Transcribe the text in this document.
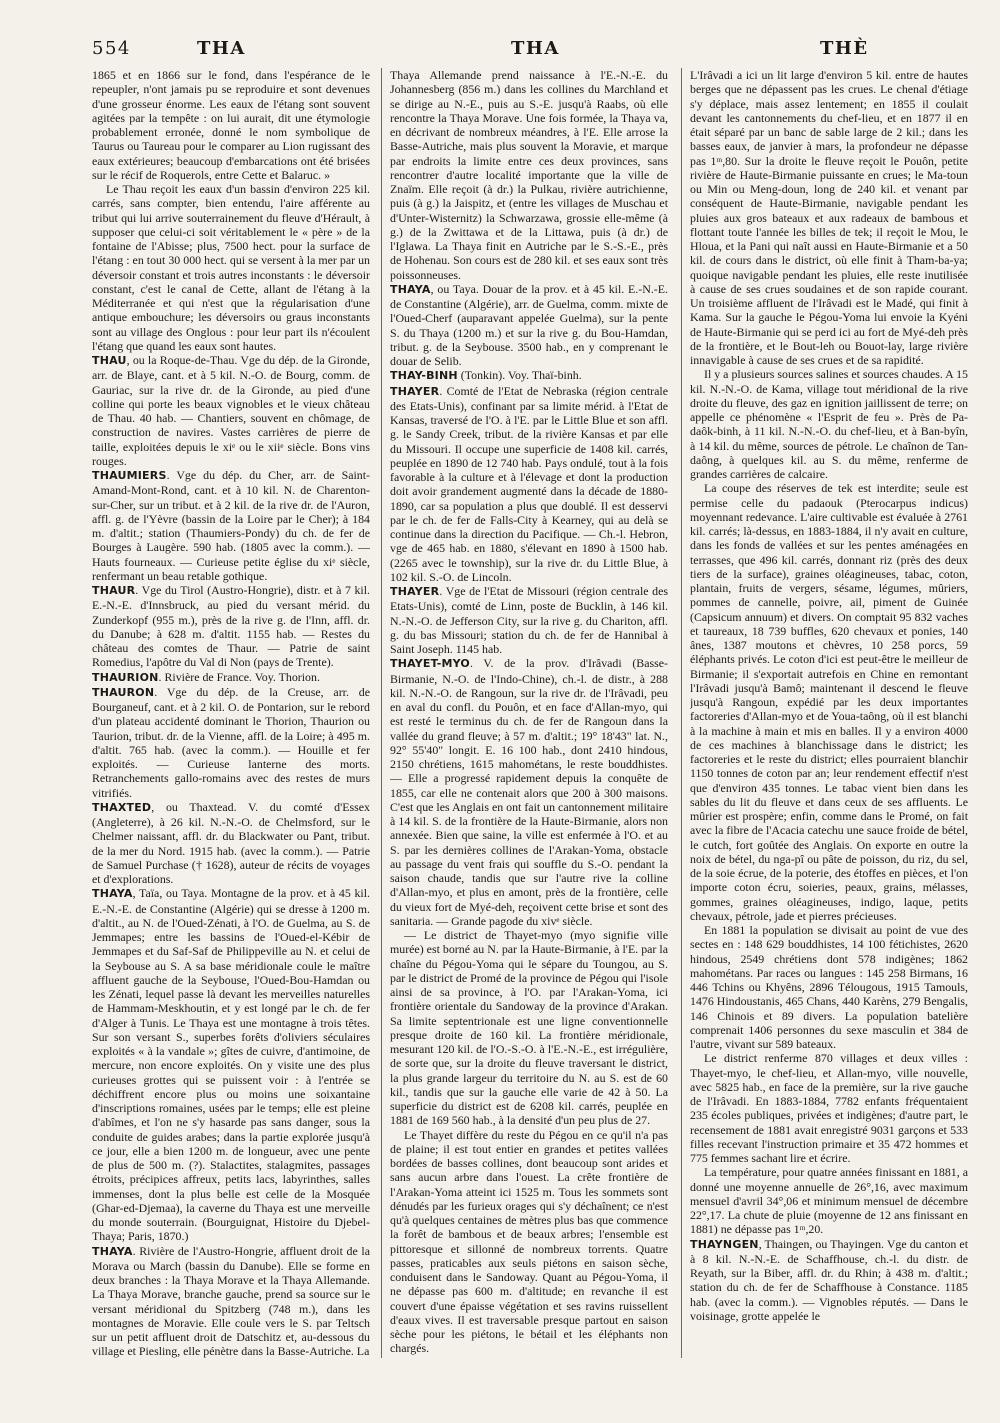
554	THA	THA	THÈ

1865 et en 1866 sur le fond, dans l'espérance de le repeupler, n'ont jamais pu se reproduire et sont devenues d'une grosseur énorme. Les eaux de l'étang sont souvent agitées par la tempête : on lui aurait, dit une étymologie probablement erronée, donné le nom symbolique de Taurus ou Taureau pour le comparer au Lion rugissant des eaux extérieures; beaucoup d'embarcations ont été brisées sur le récif de Roquerols, entre Cette et Balaruc. »

Le Thau reçoit les eaux d'un bassin d'environ 225 kil. carrés, sans compter, bien entendu, l'aire afférente au tribut qui lui arrive souterrainement du fleuve d'Hérault, à supposer que celui-ci soit véritablement le « père » de la fontaine de l'Abisse; plus, 7500 hect. pour la surface de l'étang : en tout 30 000 hect. qui se versent à la mer par un déversoir constant et trois autres inconstants : le déversoir constant, c'est le canal de Cette, allant de l'étang à la Méditerranée et qui n'est que la régularisation d'une antique embouchure; les déversoirs ou graus inconstants sont au village des Onglous : pour leur part ils n'écoulent l'étang que quand les eaux sont hautes.

THAU, ou la Roque-de-Thau. Vge du dép. de la Gironde, arr. de Blaye, cant. et à 5 kil. N.-O. de Bourg, comm. de Gauriac, sur la rive dr. de la Gironde, au pied d'une colline qui porte les beaux vignobles et le vieux château de Thau. 40 hab. — Chantiers, souvent en chômage, de construction de navires. Vastes carrières de pierre de taille, exploitées depuis le xiᵉ ou le xiiᵉ siècle. Bons vins rouges.

THAUMIERS. Vge du dép. du Cher, arr. de Saint-Amand-Mont-Rond, cant. et à 10 kil. N. de Charenton-sur-Cher, sur un tribut. et à 2 kil. de la rive dr. de l'Auron, affl. g. de l'Yèvre (bassin de la Loire par le Cher); à 184 m. d'altit.; station (Thaumiers-Pondy) du ch. de fer de Bourges à Laugère. 590 hab. (1805 avec la comm.). — Hauts fourneaux. — Curieuse petite église du xiᵉ siècle, renfermant un beau retable gothique.

THAUR. Vge du Tirol (Austro-Hongrie), distr. et à 7 kil. E.-N.-E. d'Innsbruck, au pied du versant mérid. du Zunderkopf (955 m.), près de la rive g. de l'Inn, affl. dr. du Danube; à 628 m. d'altit. 1155 hab. — Restes du château des comtes de Thaur. — Patrie de saint Romedius, l'apôtre du Val di Non (pays de Trente).

THAURION. Rivière de France. Voy. Thorion.

THAURON. Vge du dép. de la Creuse, arr. de Bourganeuf, cant. et à 2 kil. O. de Pontarion, sur le rebord d'un plateau accidenté dominant le Thorion, Thaurion ou Taurion, tribut. dr. de la Vienne, affl. de la Loire; à 495 m. d'altit. 765 hab. (avec la comm.). — Houille et fer exploités. — Curieuse lanterne des morts. Retranchements gallo-romains avec des restes de murs vitrifiés.

THAXTED, ou Thaxtead. V. du comté d'Essex (Angleterre), à 26 kil. N.-N.-O. de Chelmsford, sur le Chelmer naissant, affl. dr. du Blackwater ou Pant, tribut. de la mer du Nord. 1915 hab. (avec la comm.). — Patrie de Samuel Purchase († 1628), auteur de récits de voyages et d'explorations.

THAYA, Taïa, ou Taya. Montagne de la prov. et à 45 kil. E.-N.-E. de Constantine (Algérie) qui se dresse à 1200 m. d'altit., au N. de l'Oued-Zénati, à l'O. de Guelma, au S. de Jemmapes; entre les bassins de l'Oued-el-Kébir de Jemmapes et du Saf-Saf de Philippeville au N. et celui de la Seybouse au S. A sa base méridionale coule le maître affluent gauche de la Seybouse, l'Oued-Bou-Hamdan ou les Zénati, lequel passe là devant les merveilles naturelles de Hammam-Meskhoutin, et y est longé par le ch. de fer d'Alger à Tunis. Le Thaya est une montagne à trois têtes. Sur son versant S., superbes forêts d'oliviers séculaires exploités « à la vandale »; gîtes de cuivre, d'antimoine, de mercure, non encore exploités. On y visite une des plus curieuses grottes qui se puissent voir : à l'entrée se déchiffrent encore plus ou moins une soixantaine d'inscriptions romaines, usées par le temps; elle est pleine d'abîmes, et l'on ne s'y hasarde pas sans danger, sous la conduite de guides arabes; dans la partie explorée jusqu'à ce jour, elle a bien 1200 m. de longueur, avec une pente de plus de 500 m. (?). Stalactites, stalagmites, passages étroits, précipices affreux, petits lacs, labyrinthes, salles immenses, dont la plus belle est celle de la Mosquée (Ghar-ed-Djemaa), la caverne du Thaya est une merveille du monde souterrain. (Bourguignat, Histoire du Djebel-Thaya; Paris, 1870.)

THAYA. Rivière de l'Austro-Hongrie, affluent droit de la Morava ou March (bassin du Danube). Elle se forme en deux branches : la Thaya Morave et la Thaya Allemande. La Thaya Morave, branche gauche, prend sa source sur le versant méridional du Spitzberg (748 m.), dans les montagnes de Moravie. Elle coule vers le S. par Teltsch sur un petit affluent droit de Datschitz et, au-dessous du village et Piesling, elle pénètre dans la Basse-Autriche. La

Thaya Allemande prend naissance à l'E.-N.-E. du Johannesberg (856 m.) dans les collines du Marchland et se dirige au N.-E., puis au S.-E. jusqu'à Raabs, où elle rencontre la Thaya Morave. Une fois formée, la Thaya va, en décrivant de nombreux méandres, à l'E. Elle arrose la Basse-Autriche, mais plus souvent la Moravie, et marque par endroits la limite entre ces deux provinces, sans rencontrer d'autre localité importante que la ville de Znaïm. Elle reçoit (à dr.) la Pulkau, rivière autrichienne, puis (à g.) la Jaispitz, et (entre les villages de Muschau et d'Unter-Wisternitz) la Schwarzawa, grossie elle-même (à g.) de la Zwittawa et de la Littawa, puis (à dr.) de l'Iglawa. La Thaya finit en Autriche par le S.-S.-E., près de Hohenau. Son cours est de 280 kil. et ses eaux sont très poissonneuses.

THAYA, ou Taya. Douar de la prov. et à 45 kil. E.-N.-E. de Constantine (Algérie), arr. de Guelma, comm. mixte de l'Oued-Cherf (auparavant appelée Guelma), sur la pente S. du Thaya (1200 m.) et sur la rive g. du Bou-Hamdan, tribut. g. de la Seybouse. 3500 hab., en y comprenant le douar de Selib.

THAY-BINH (Tonkin). Voy. Thaï-binh.

THAYER. Comté de l'Etat de Nebraska (région centrale des Etats-Unis), confinant par sa limite mérid. à l'Etat de Kansas, traversé de l'O. à l'E. par le Little Blue et son affl. g. le Sandy Creek, tribut. de la rivière Kansas et par elle du Missouri. Il occupe une superficie de 1408 kil. carrés, peuplée en 1890 de 12 740 hab. Pays ondulé, tout à la fois favorable à la culture et à l'élevage et dont la production doit avoir grandement augmenté dans la décade de 1880-1890, car sa population a plus que doublé. Il est desservi par le ch. de fer de Falls-City à Kearney, qui au delà se continue dans la direction du Pacifique. — Ch.-l. Hebron, vge de 465 hab. en 1880, s'élevant en 1890 à 1500 hab. (2265 avec le township), sur la rive dr. du Little Blue, à 102 kil. S.-O. de Lincoln.

THAYER. Vge de l'Etat de Missouri (région centrale des Etats-Unis), comté de Linn, poste de Bucklin, à 146 kil. N.-N.-O. de Jefferson City, sur la rive g. du Chariton, affl. g. du bas Missouri; station du ch. de fer de Hannibal à Saint Joseph. 1145 hab.

THAYET-MYO. V. de la prov. d'Irâvadi (Basse-Birmanie, N.-O. de l'Indo-Chine), ch.-l. de distr., à 288 kil. N.-N.-O. de Rangoun, sur la rive dr. de l'Irâvadi, peu en aval du confl. du Pouôn, et en face d'Allan-myo, qui est resté le terminus du ch. de fer de Rangoun dans la vallée du grand fleuve; à 57 m. d'altit.; 19° 18'43" lat. N., 92° 55'40" longit. E. 16 100 hab., dont 2410 hindous, 2150 chrétiens, 1615 mahométans, le reste bouddhistes. — Elle a progressé rapidement depuis la conquête de 1855, car elle ne contenait alors que 200 à 300 maisons. C'est que les Anglais en ont fait un cantonnement militaire à 14 kil. S. de la frontière de la Haute-Birmanie, alors non annexée. Bien que saine, la ville est enfermée à l'O. et au S. par les dernières collines de l'Arakan-Yoma, obstacle au passage du vent frais qui souffle du S.-O. pendant la saison chaude, tandis que sur l'autre rive la colline d'Allan-myo, et plus en amont, près de la frontière, celle du vieux fort de Myé-deh, reçoivent cette brise et sont des sanitaria. — Grande pagode du xivᵉ siècle.

— Le district de Thayet-myo (myo signifie ville murée) est borné au N. par la Haute-Birmanie, à l'E. par la chaîne du Pégou-Yoma qui le sépare du Toungou, au S. par le district de Promé de la province de Pégou qui l'isole ainsi de sa province, à l'O. par l'Arakan-Yoma, ici frontière orientale du Sandoway de la province d'Arakan. Sa limite septentrionale est une ligne conventionnelle presque droite de 160 kil. La frontière méridionale, mesurant 120 kil. de l'O.-S.-O. à l'E.-N.-E., est irrégulière, de sorte que, sur la droite du fleuve traversant le district, la plus grande largeur du territoire du N. au S. est de 60 kil., tandis que sur la gauche elle varie de 42 à 50. La superficie du district est de 6208 kil. carrés, peuplée en 1881 de 169 560 hab., à la densité d'un peu plus de 27.

Le Thayet diffère du reste du Pégou en ce qu'il n'a pas de plaine; il est tout entier en grandes et petites vallées bordées de basses collines, dont beaucoup sont arides et sans aucun arbre dans l'ouest. La crête frontière de l'Arakan-Yoma atteint ici 1525 m. Tous les sommets sont dénudés par les furieux orages qui s'y déchaînent; ce n'est qu'à quelques centaines de mètres plus bas que commence la forêt de bambous et de beaux arbres; l'ensemble est pittoresque et sillonné de nombreux torrents. Quatre passes, praticables aux seuls piétons en saison sèche, conduisent dans le Sandoway. Quant au Pégou-Yoma, il ne dépasse pas 600 m. d'altitude; en revanche il est couvert d'une épaisse végétation et ses ravins ruissellent d'eaux vives. Il est traversable presque partout en saison sèche pour les piétons, le bétail et les éléphants non chargés.

L'Irâvadi a ici un lit large d'environ 5 kil. entre de hautes berges que ne dépassent pas les crues. Le chenal d'étiage s'y déplace, mais assez lentement; en 1855 il coulait devant les cantonnements du chef-lieu, et en 1877 il en était séparé par un banc de sable large de 2 kil.; dans les basses eaux, de janvier à mars, la profondeur ne dépasse pas 1ᵐ,80. Sur la droite le fleuve reçoit le Pouôn, petite rivière de Haute-Birmanie puissante en crues; le Ma-toun ou Min ou Meng-doun, long de 240 kil. et venant par conséquent de Haute-Birmanie, navigable pendant les pluies aux gros bateaux et aux radeaux de bambous et flottant toute l'année les billes de tek; il reçoit le Mou, le Hloua, et la Pani qui naît aussi en Haute-Birmanie et a 50 kil. de cours dans le district, où elle finit à Tham-ba-ya; quoique navigable pendant les pluies, elle reste inutilisée à cause de ses crues soudaines et de son rapide courant. Un troisième affluent de l'Irâvadi est le Madé, qui finit à Kama. Sur la gauche le Pégou-Yoma lui envoie la Kyéni de Haute-Birmanie qui se perd ici au fort de Myé-deh près de la frontière, et le Bout-leh ou Bouot-lay, large rivière innavigable à cause de ses crues et de sa rapidité.

Il y a plusieurs sources salines et sources chaudes. A 15 kil. N.-N.-O. de Kama, village tout méridional de la rive droite du fleuve, des gaz en ignition jaillissent de terre; on appelle ce phénomène « l'Esprit de feu ». Près de Pa-daôk-binh, à 11 kil. N.-N.-O. du chef-lieu, et à Ban-byîn, à 14 kil. du même, sources de pétrole. Le chaînon de Tan-daông, à quelques kil. au S. du même, renferme de grandes carrières de calcaire.

La coupe des réserves de tek est interdite; seule est permise celle du padaouk (Pterocarpus indicus) moyennant redevance. L'aire cultivable est évaluée à 2761 kil. carrés; là-dessus, en 1883-1884, il n'y avait en culture, dans les fonds de vallées et sur les pentes aménagées en terrasses, que 496 kil. carrés, donnant riz (près des deux tiers de la surface), graines oléagineuses, tabac, coton, plantain, fruits de vergers, sésame, légumes, mûriers, pommes de cannelle, poivre, ail, piment de Guinée (Capsicum annuum) et divers. On comptait 95 832 vaches et taureaux, 18 739 buffles, 620 chevaux et ponies, 140 ânes, 1387 moutons et chèvres, 10 258 porcs, 59 éléphants privés. Le coton d'ici est peut-être le meilleur de Birmanie; il s'exportait autrefois en Chine en remontant l'Irâvadi jusqu'à Bamô; maintenant il descend le fleuve jusqu'à Rangoun, expédié par les deux importantes factoreries d'Allan-myo et de Youa-taông, où il est blanchi à la machine à main et mis en balles. Il y a environ 4000 de ces machines à blanchissage dans le district; les factoreries et le reste du district; elles pourraient blanchir 1150 tonnes de coton par an; leur rendement effectif n'est que d'environ 435 tonnes. Le tabac vient bien dans les sables du lit du fleuve et dans ceux de ses affluents. Le mûrier est prospère; enfin, comme dans le Promé, on fait avec la fibre de l'Acacia catechu une sauce froide de bétel, le cutch, fort goûtée des Anglais. On exporte en outre la noix de bétel, du nga-pî ou pâte de poisson, du riz, du sel, de la soie écrue, de la poterie, des étoffes en pièces, et l'on importe coton écru, soieries, peaux, grains, mélasses, gommes, graines oléagineuses, indigo, laque, petits chevaux, pétrole, jade et pierres précieuses.

En 1881 la population se divisait au point de vue des sectes en : 148 629 bouddhistes, 14 100 fétichistes, 2620 hindous, 2549 chrétiens dont 578 indigènes; 1862 mahométans. Par races ou langues : 145 258 Birmans, 16 446 Tchins ou Khyêns, 2896 Télougous, 1915 Tamouls, 1476 Hindoustanis, 465 Chans, 440 Karèns, 279 Bengalis, 146 Chinois et 89 divers. La population batelière comprenait 1406 personnes du sexe masculin et 384 de l'autre, vivant sur 589 bateaux.

Le district renferme 870 villages et deux villes : Thayet-myo, le chef-lieu, et Allan-myo, ville nouvelle, avec 5825 hab., en face de la première, sur la rive gauche de l'Irâvadi. En 1883-1884, 7782 enfants fréquentaient 235 écoles publiques, privées et indigènes; d'autre part, le recensement de 1881 avait enregistré 9031 garçons et 533 filles recevant l'instruction primaire et 35 472 hommes et 775 femmes sachant lire et écrire.

La température, pour quatre années finissant en 1881, a donné une moyenne annuelle de 26°,16, avec maximum mensuel d'avril 34°,06 et minimum mensuel de décembre 22°,17. La chute de pluie (moyenne de 12 ans finissant en 1881) ne dépasse pas 1ᵐ,20.

THAYNGEN, Thaingen, ou Thayingen. Vge du canton et à 8 kil. N.-N.-E. de Schaffhouse, ch.-l. du distr. de Reyath, sur la Biber, affl. dr. du Rhin; à 438 m. d'altit.; station du ch. de fer de Schaffhouse à Constance. 1185 hab. (avec la comm.). — Vignobles réputés. — Dans le voisinage, grotte appelée le
